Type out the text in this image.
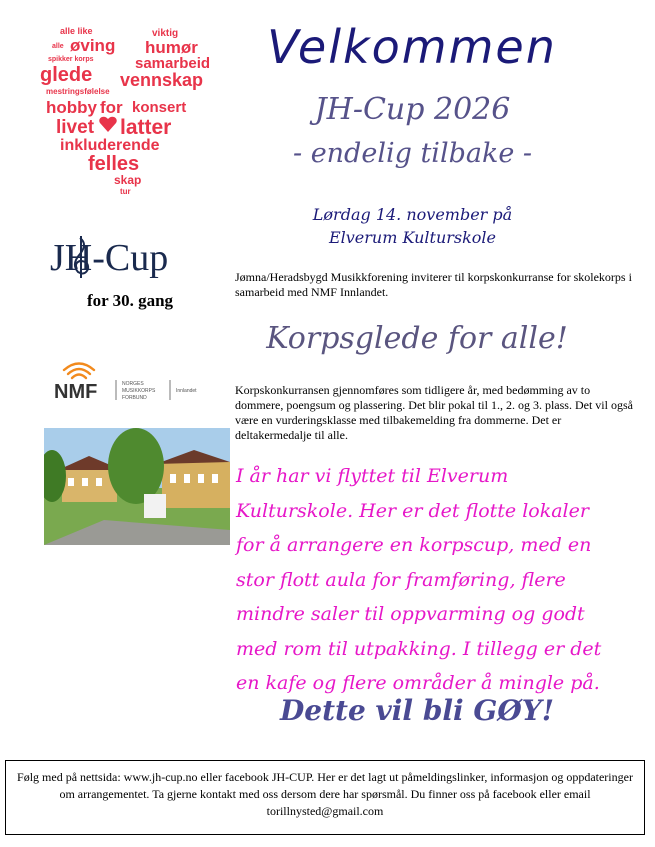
alle like	viktig
alle øving humør
spikker korps	samarbeid
glede vennskap
mestringsfølelse
hobby for konsert
livet latter
inkluderende
felles
skap
tur
JH-Cup
for 30. gang
NMF	NORGES
MUSIKKORPS
FORBUND
Innlandet
Velkommen
JH-Cup 2026
- endelig tilbake -
Lørdag 14. november på
Elverum Kulturskole
Jømna/Heradsbygd Musikkforening inviterer til korpskonkurranse for skolekorps i samarbeid med NMF Innlandet.
Korpsglede for alle!
Korpskonkurransen gjennomføres som tidligere år, med bedømming av to dommere, poengsum og plassering. Det blir pokal til 1., 2. og 3. plass. Det vil også være en vurderingsklasse med tilbakemelding fra dommerne. Det er deltakermedalje til alle.
I år har vi flyttet til Elverum Kulturskole. Her er det flotte lokaler for å arrangere en korpscup, med en stor flott aula for framføring, flere mindre saler til oppvarming og godt med rom til utpakking. I tillegg er det en kafe og flere områder å mingle på.
Dette vil bli GØY!
Følg med på nettsida: www.jh-cup.no eller facebook JH-CUP. Her er det lagt ut påmeldingslinker, informasjon og oppdateringer om arrangementet. Ta gjerne kontakt med oss dersom dere har spørsmål. Du finner oss på facebook eller email torillnysted@gmail.com
